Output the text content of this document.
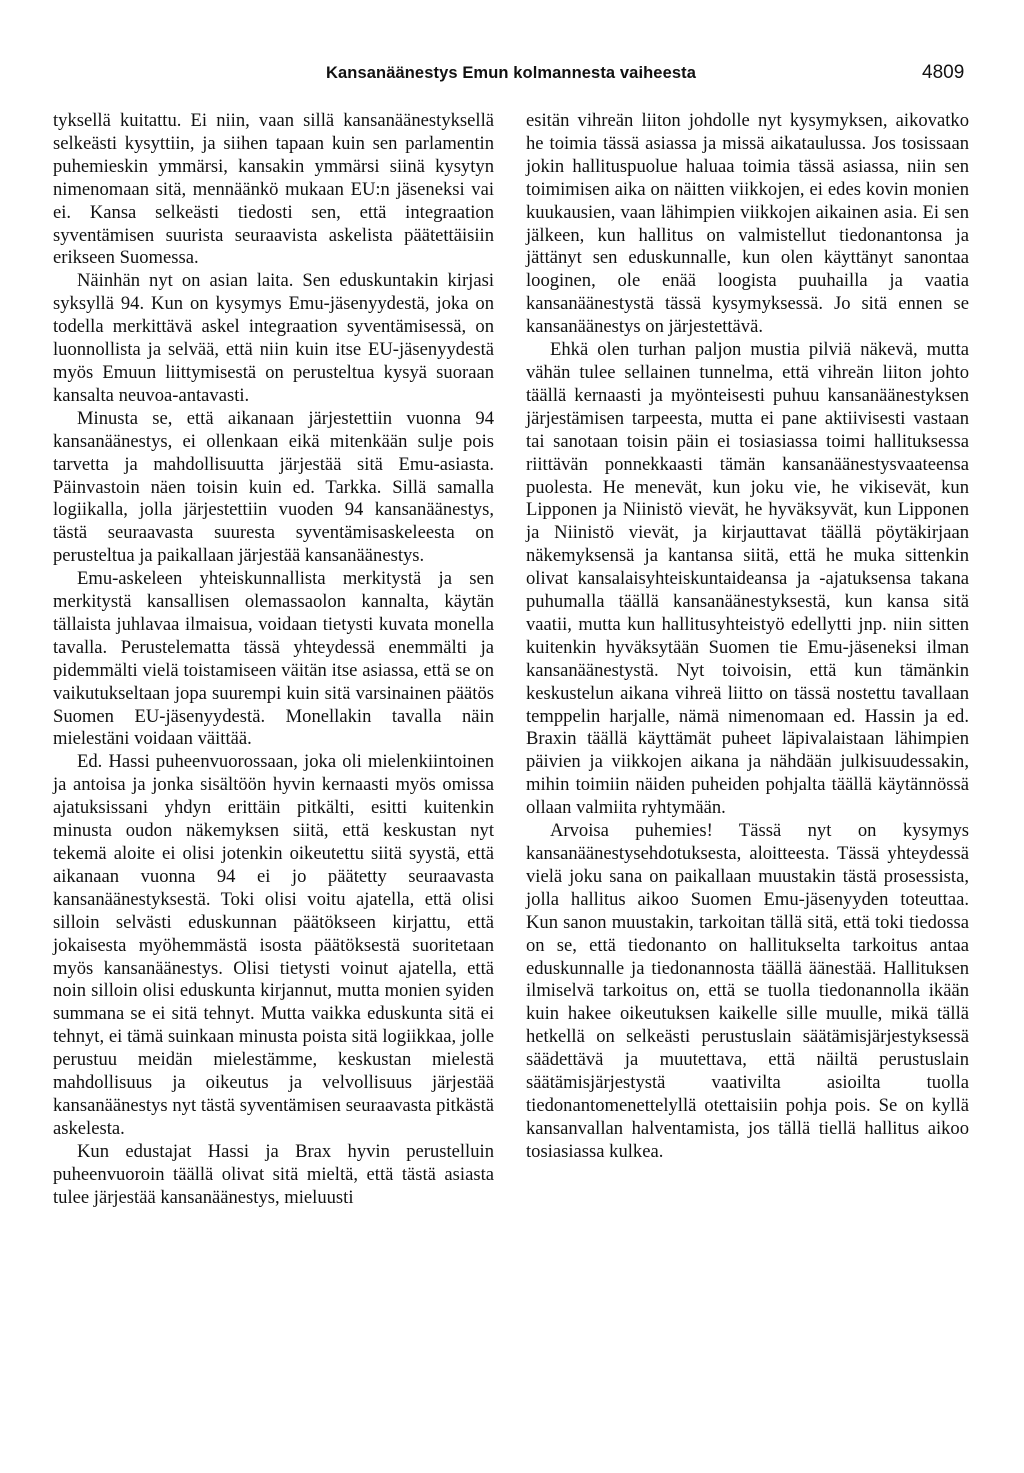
Kansanäänestys Emun kolmannesta vaiheesta	4809

tyksellä kuitattu. Ei niin, vaan sillä kansanäänestyksellä selkeästi kysyttiin, ja siihen tapaan kuin sen parlamentin puhemieskin ymmärsi, kansakin ymmärsi siinä kysytyn nimenomaan sitä, mennäänkö mukaan EU:n jäseneksi vai ei. Kansa selkeästi tiedosti sen, että integraation syventämisen suurista seuraavista askelista päätettäisiin erikseen Suomessa.

Näinhän nyt on asian laita. Sen eduskuntakin kirjasi syksyllä 94. Kun on kysymys Emu-jäsenyydestä, joka on todella merkittävä askel integraation syventämisessä, on luonnollista ja selvää, että niin kuin itse EU-jäsenyydestä myös Emuun liittymisestä on perusteltua kysyä suoraan kansalta neuvoa-antavasti.

Minusta se, että aikanaan järjestettiin vuonna 94 kansanäänestys, ei ollenkaan eikä mitenkään sulje pois tarvetta ja mahdollisuutta järjestää sitä Emu-asiasta. Päinvastoin näen toisin kuin ed. Tarkka. Sillä samalla logiikalla, jolla järjestettiin vuoden 94 kansanäänestys, tästä seuraavasta suuresta syventämisaskeleesta on perusteltua ja paikallaan järjestää kansanäänestys.

Emu-askeleen yhteiskunnallista merkitystä ja sen merkitystä kansallisen olemassaolon kannalta, käytän tällaista juhlavaa ilmaisua, voidaan tietysti kuvata monella tavalla. Perustelematta tässä yhteydessä enemmälti ja pidemmälti vielä toistamiseen väitän itse asiassa, että se on vaikutukseltaan jopa suurempi kuin sitä varsinainen päätös Suomen EU-jäsenyydestä. Monellakin tavalla näin mielestäni voidaan väittää.

Ed. Hassi puheenvuorossaan, joka oli mielenkiintoinen ja antoisa ja jonka sisältöön hyvin kernaasti myös omissa ajatuksissani yhdyn erittäin pitkälti, esitti kuitenkin minusta oudon näkemyksen siitä, että keskustan nyt tekemä aloite ei olisi jotenkin oikeutettu siitä syystä, että aikanaan vuonna 94 ei jo päätetty seuraavasta kansanäänestyksestä. Toki olisi voitu ajatella, että olisi silloin selvästi eduskunnan päätökseen kirjattu, että jokaisesta myöhemmästä isosta päätöksestä suoritetaan myös kansanäänestys. Olisi tietysti voinut ajatella, että noin silloin olisi eduskunta kirjannut, mutta monien syiden summana se ei sitä tehnyt. Mutta vaikka eduskunta sitä ei tehnyt, ei tämä suinkaan minusta poista sitä logiikkaa, jolle perustuu meidän mielestämme, keskustan mielestä mahdollisuus ja oikeutus ja velvollisuus järjestää kansanäänestys nyt tästä syventämisen seuraavasta pitkästä askelesta.

Kun edustajat Hassi ja Brax hyvin perustelluin puheenvuoroin täällä olivat sitä mieltä, että tästä asiasta tulee järjestää kansanäänestys, mieluusti

esitän vihreän liiton johdolle nyt kysymyksen, aikovatko he toimia tässä asiassa ja missä aikataulussa. Jos tosissaan jokin hallituspuolue haluaa toimia tässä asiassa, niin sen toimimisen aika on näitten viikkojen, ei edes kovin monien kuukausien, vaan lähimpien viikkojen aikainen asia. Ei sen jälkeen, kun hallitus on valmistellut tiedonantonsa ja jättänyt sen eduskunnalle, kun olen käyttänyt sanontaa looginen, ole enää loogista puuhailla ja vaatia kansanäänestystä tässä kysymyksessä. Jo sitä ennen se kansanäänestys on järjestettävä.

Ehkä olen turhan paljon mustia pilviä näkevä, mutta vähän tulee sellainen tunnelma, että vihreän liiton johto täällä kernaasti ja myönteisesti puhuu kansanäänestyksen järjestämisen tarpeesta, mutta ei pane aktiivisesti vastaan tai sanotaan toisin päin ei tosiasiassa toimi hallituksessa riittävän ponnekkaasti tämän kansanäänestysvaateensa puolesta. He menevät, kun joku vie, he vikisevät, kun Lipponen ja Niinistö vievät, he hyväksyvät, kun Lipponen ja Niinistö vievät, ja kirjauttavat täällä pöytäkirjaan näkemyksensä ja kantansa siitä, että he muka sittenkin olivat kansalaisyhteiskuntaideansa ja -ajatuksensa takana puhumalla täällä kansanäänestyksestä, kun kansa sitä vaatii, mutta kun hallitusyhteistyö edellytti jnp. niin sitten kuitenkin hyväksytään Suomen tie Emu-jäseneksi ilman kansanäänestystä. Nyt toivoisin, että kun tämänkin keskustelun aikana vihreä liitto on tässä nostettu tavallaan temppelin harjalle, nämä nimenomaan ed. Hassin ja ed. Braxin täällä käyttämät puheet läpivalaistaan lähimpien päivien ja viikkojen aikana ja nähdään julkisuudessakin, mihin toimiin näiden puheiden pohjalta täällä käytännössä ollaan valmiita ryhtymään.

Arvoisa puhemies! Tässä nyt on kysymys kansanäänestysehdotuksesta, aloitteesta. Tässä yhteydessä vielä joku sana on paikallaan muustakin tästä prosessista, jolla hallitus aikoo Suomen Emu-jäsenyyden toteuttaa. Kun sanon muustakin, tarkoitan tällä sitä, että toki tiedossa on se, että tiedonanto on hallitukselta tarkoitus antaa eduskunnalle ja tiedonannosta täällä äänestää. Hallituksen ilmiselvä tarkoitus on, että se tuolla tiedonannolla ikään kuin hakee oikeutuksen kaikelle sille muulle, mikä tällä hetkellä on selkeästi perustuslain säätämisjärjestyksessä säädettävä ja muutettava, että näiltä perustuslain säätämisjärjestystä vaativilta asioilta tuolla tiedonantomenettelyllä otettaisiin pohja pois. Se on kyllä kansanvallan halventamista, jos tällä tiellä hallitus aikoo tosiasiassa kulkea.
